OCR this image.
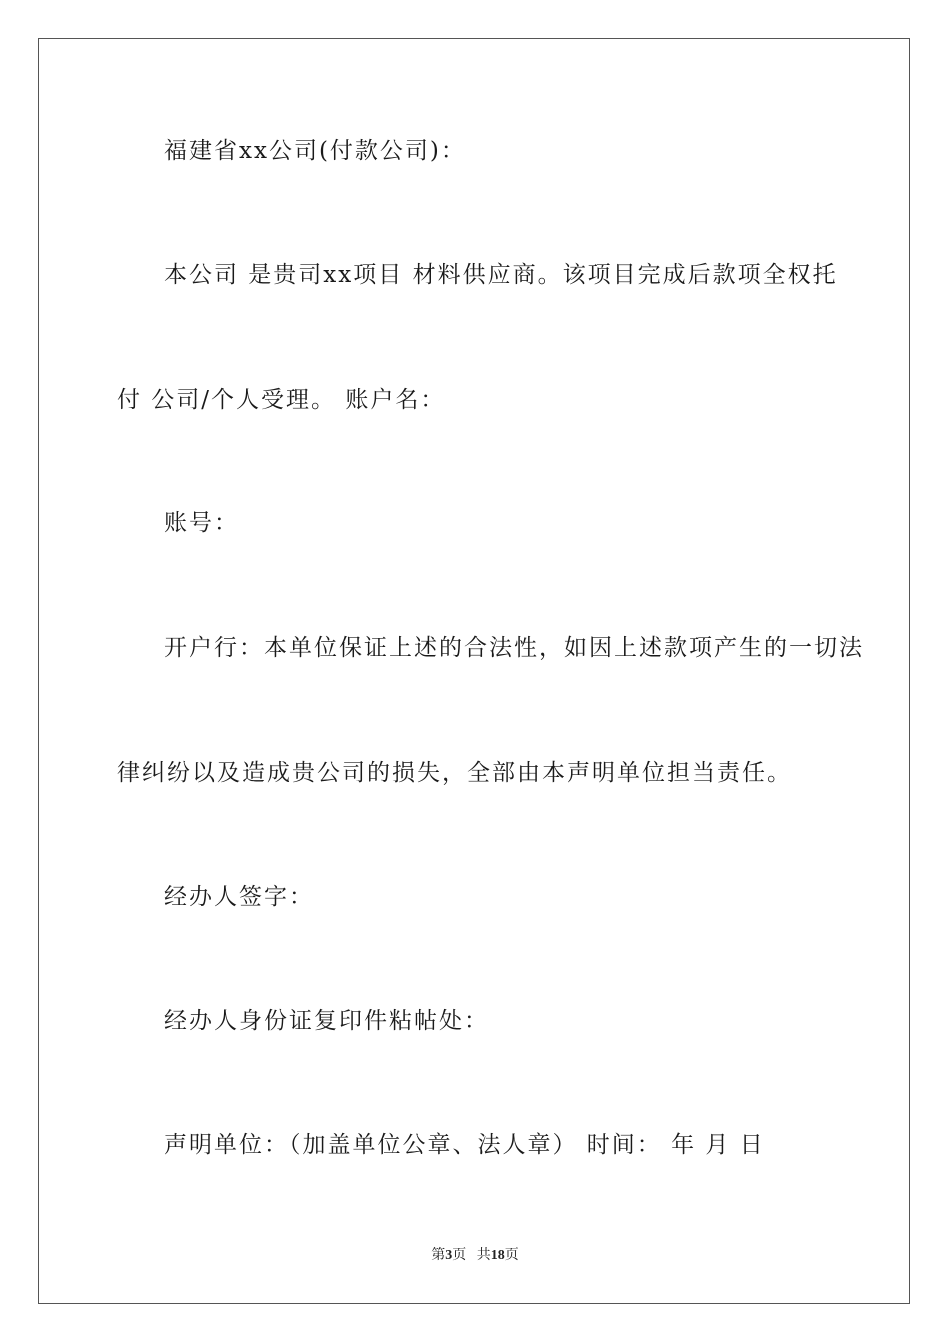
福建省xx公司(付款公司)：
本公司 是贵司xx项目 材料供应商。该项目完成后款项全权托
付 公司/个人受理。 账户名：
账号：
开户行：本单位保证上述的合法性，如因上述款项产生的一切法
律纠纷以及造成贵公司的损失，全部由本声明单位担当责任。
经办人签字：
经办人身份证复印件粘帖处：
声明单位：（加盖单位公章、法人章） 时间： 年 月 日
第3页 共18页
